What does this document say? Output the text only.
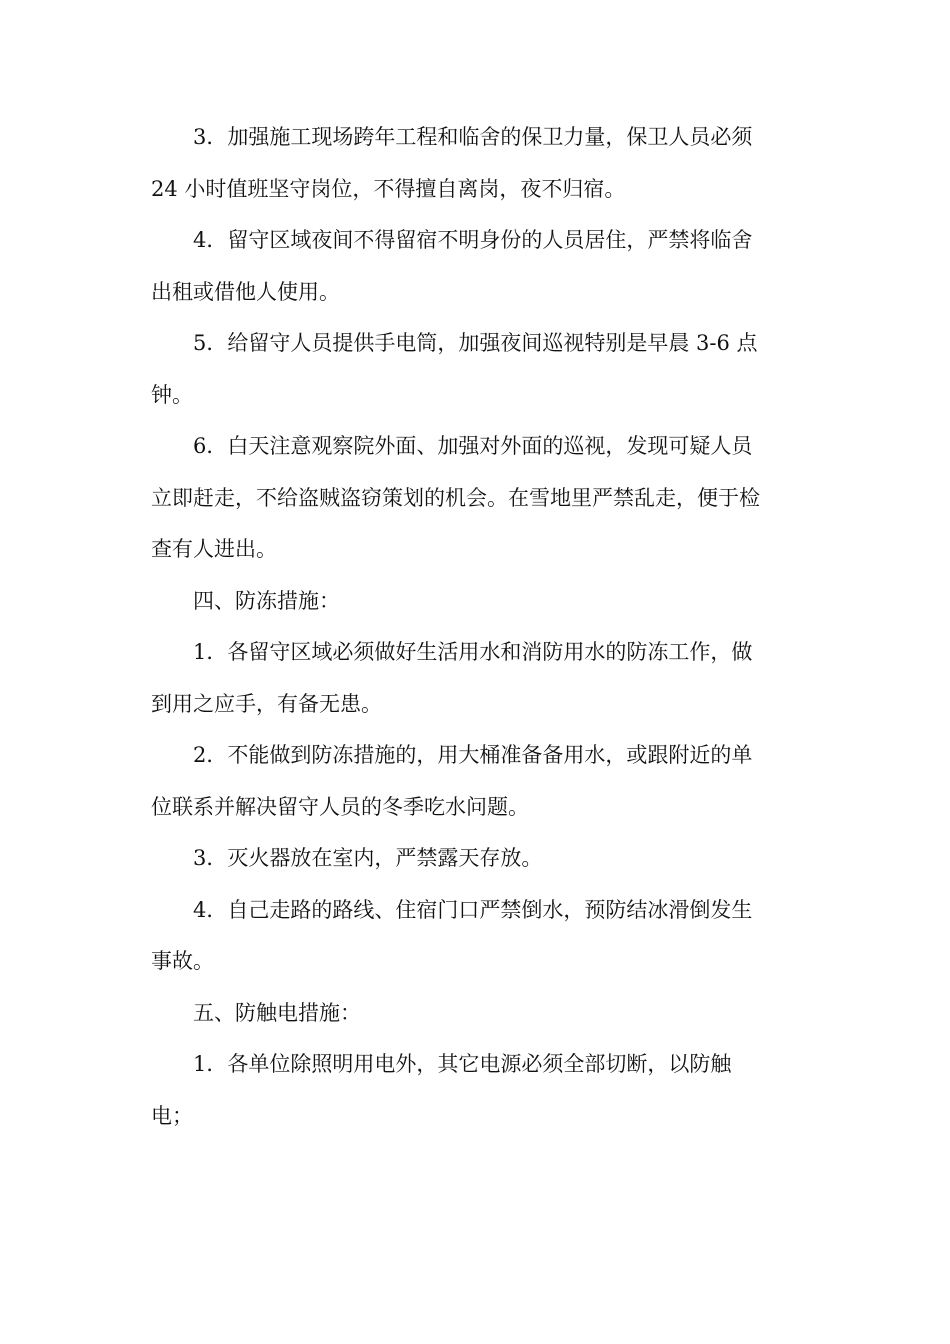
3．加强施工现场跨年工程和临舍的保卫力量，保卫人员必须
24 小时值班坚守岗位，不得擅自离岗，夜不归宿。

4．留守区域夜间不得留宿不明身份的人员居住，严禁将临舍
出租或借他人使用。

5．给留守人员提供手电筒，加强夜间巡视特别是早晨 3-6 点
钟。

6．白天注意观察院外面、加强对外面的巡视，发现可疑人员
立即赶走，不给盗贼盗窃策划的机会。在雪地里严禁乱走，便于检
查有人进出。

四、防冻措施：

1．各留守区域必须做好生活用水和消防用水的防冻工作，做
到用之应手，有备无患。

2．不能做到防冻措施的，用大桶准备备用水，或跟附近的单
位联系并解决留守人员的冬季吃水问题。

3．灭火器放在室内，严禁露天存放。

4．自己走路的路线、住宿门口严禁倒水，预防结冰滑倒发生
事故。

五、防触电措施：

1．各单位除照明用电外，其它电源必须全部切断，以防触
电；
